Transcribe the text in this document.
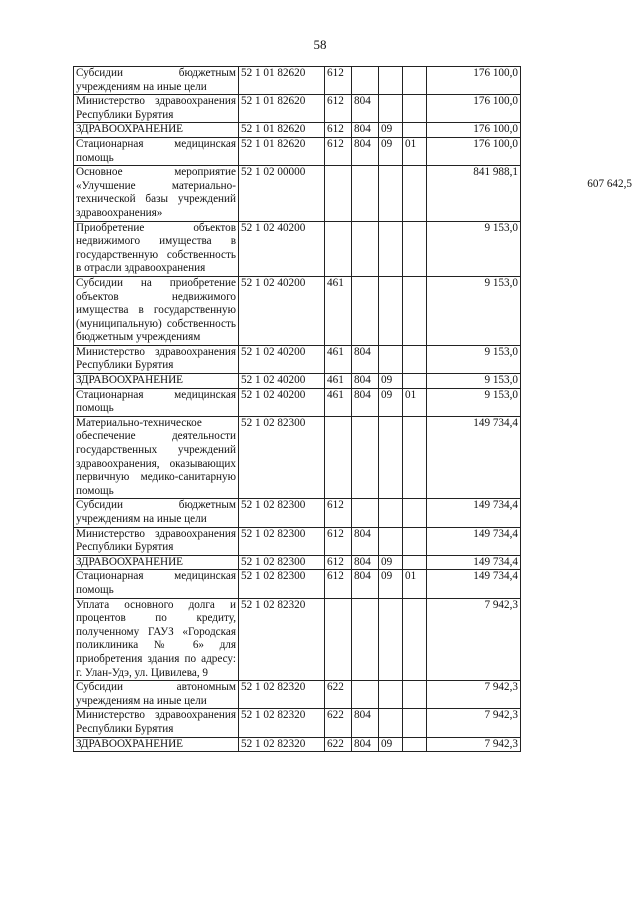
58
Субсидии бюджетным учреждениям на иные цели	52 1 01 82620	612				176 100,0
Министерство здравоохранения Республики Бурятия	52 1 01 82620	612	804			176 100,0
ЗДРАВООХРАНЕНИЕ	52 1 01 82620	612	804	09		176 100,0
Стационарная медицинская помощь	52 1 01 82620	612	804	09	01	176 100,0
Основное мероприятие «Улучшение материально-технической базы учреждений здравоохранения»	52 1 02 00000					841 988,1
Приобретение объектов недвижимого имущества в государственную собственность в отрасли здравоохранения	52 1 02 40200					9 153,0
Субсидии на приобретение объектов недвижимого имущества в государственную (муниципальную) собственность бюджетным учреждениям	52 1 02 40200	461				9 153,0
Министерство здравоохранения Республики Бурятия	52 1 02 40200	461	804			9 153,0
ЗДРАВООХРАНЕНИЕ	52 1 02 40200	461	804	09		9 153,0
Стационарная медицинская помощь	52 1 02 40200	461	804	09	01	9 153,0
Материально-техническое обеспечение деятельности государственных учреждений здравоохранения, оказывающих первичную медико-санитарную помощь	52 1 02 82300					149 734,4
Субсидии бюджетным учреждениям на иные цели	52 1 02 82300	612				149 734,4
Министерство здравоохранения Республики Бурятия	52 1 02 82300	612	804			149 734,4
ЗДРАВООХРАНЕНИЕ	52 1 02 82300	612	804	09		149 734,4
Стационарная медицинская помощь	52 1 02 82300	612	804	09	01	149 734,4
Уплата основного долга и процентов по кредиту, полученному ГАУЗ «Городская поликлиника № 6» для приобретения здания по адресу: г. Улан-Удэ, ул. Цивилева, 9	52 1 02 82320					7 942,3
Субсидии автономным учреждениям на иные цели	52 1 02 82320	622				7 942,3
Министерство здравоохранения Республики Бурятия	52 1 02 82320	622	804			7 942,3
ЗДРАВООХРАНЕНИЕ	52 1 02 82320	622	804	09		7 942,3
607 642,5
